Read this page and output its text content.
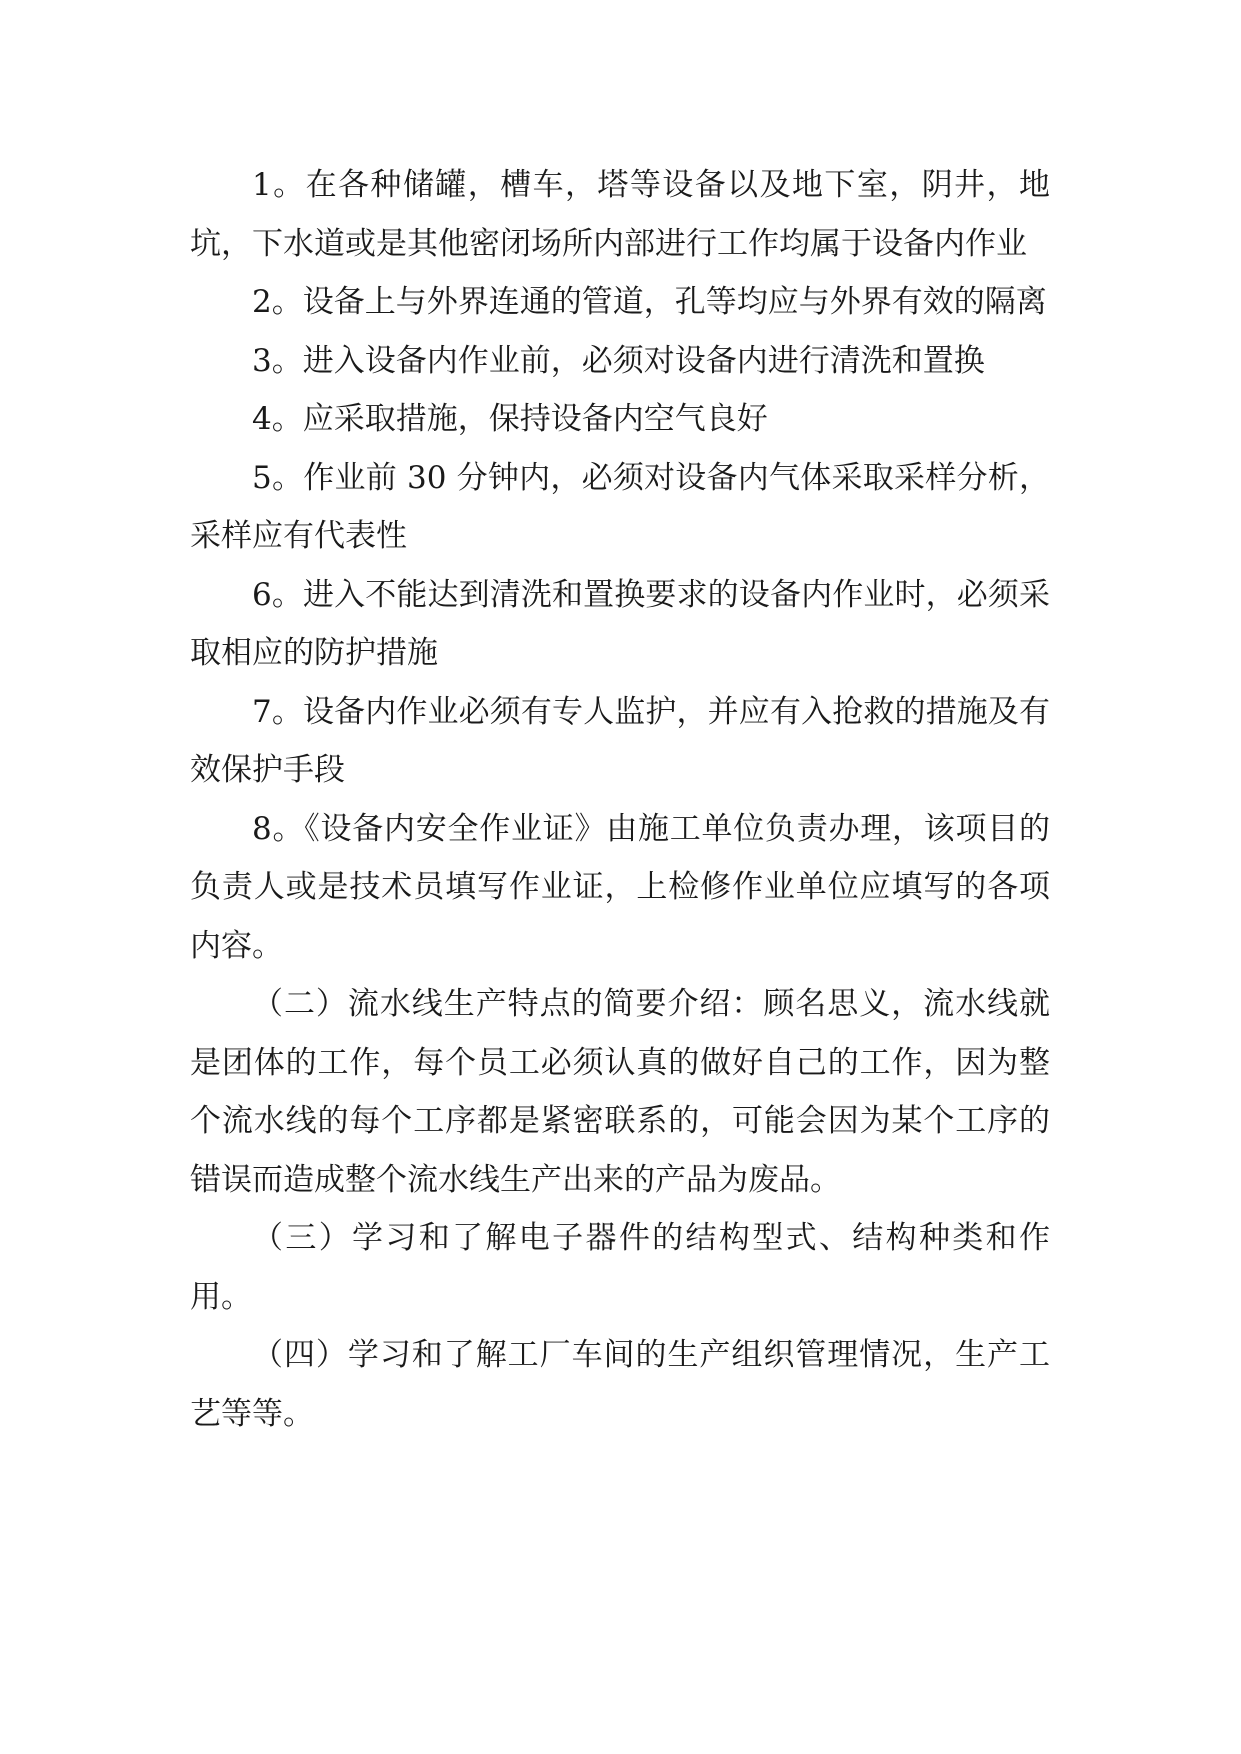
1。在各种储罐，槽车，塔等设备以及地下室，阴井，地坑，下水道或是其他密闭场所内部进行工作均属于设备内作业

2。设备上与外界连通的管道，孔等均应与外界有效的隔离

3。进入设备内作业前，必须对设备内进行清洗和置换

4。应采取措施，保持设备内空气良好

5。作业前 30 分钟内，必须对设备内气体采取采样分析，采样应有代表性

6。进入不能达到清洗和置换要求的设备内作业时，必须采取相应的防护措施

7。设备内作业必须有专人监护，并应有入抢救的措施及有效保护手段

8。《设备内安全作业证》由施工单位负责办理，该项目的负责人或是技术员填写作业证，上检修作业单位应填写的各项内容。

（二）流水线生产特点的简要介绍：顾名思义，流水线就是团体的工作，每个员工必须认真的做好自己的工作，因为整个流水线的每个工序都是紧密联系的，可能会因为某个工序的错误而造成整个流水线生产出来的产品为废品。

（三）学习和了解电子器件的结构型式、结构种类和作用。

（四）学习和了解工厂车间的生产组织管理情况，生产工艺等等。
